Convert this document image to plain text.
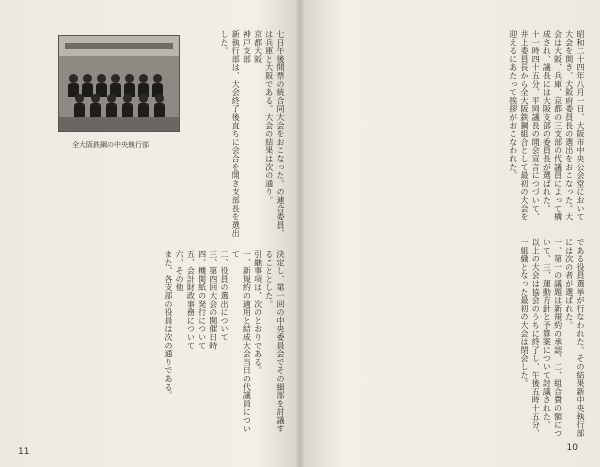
七日午後開票の統合同大会をおこなった。の連合委員、は兵庫と大阪である。大会の結果は次の通り。
京都大阪
神戸支部
新執行部は、大会終了後直ちに会合を開き支部長を選出した。
全大阪鉄鋼の中央執行部
決定し、第一回の中央委員会でその細部を討議することとした。
引継事項は、次のとおりである。
一、新規約の適用と結成大会当日の代議員について
二、役員の選出について
三、第四回大会の開催日時
四、機関紙の発行について
五、会計財政事務について
六、その他
また、各支部の役員は次の通りである。
11
昭和二十四年八月一日、大阪市中央公会堂において大会を開き、大阪府委員長の選出をおこなった。大会は大阪、兵庫、京都の三支部の代議員によって構成され、議長には大阪支部の委員長が選ばれた。
十一時四十五分、平岡議長の開会宣言につづいて、井上委員長から全大阪鉄鋼組合として最初の大会を迎えるにあたって挨拶がおこなわれた。
である役員選挙が行なわれた。その結果新中央執行部には次の者が選ばれた。
一、第一の議題は新規約の承認、二、組合費の額について、三、運動方針と予算案について討議された。
以上の大会は協会のうちに終了し、午後五時十五分、一組織となった最初の大会は閉会した。
10
